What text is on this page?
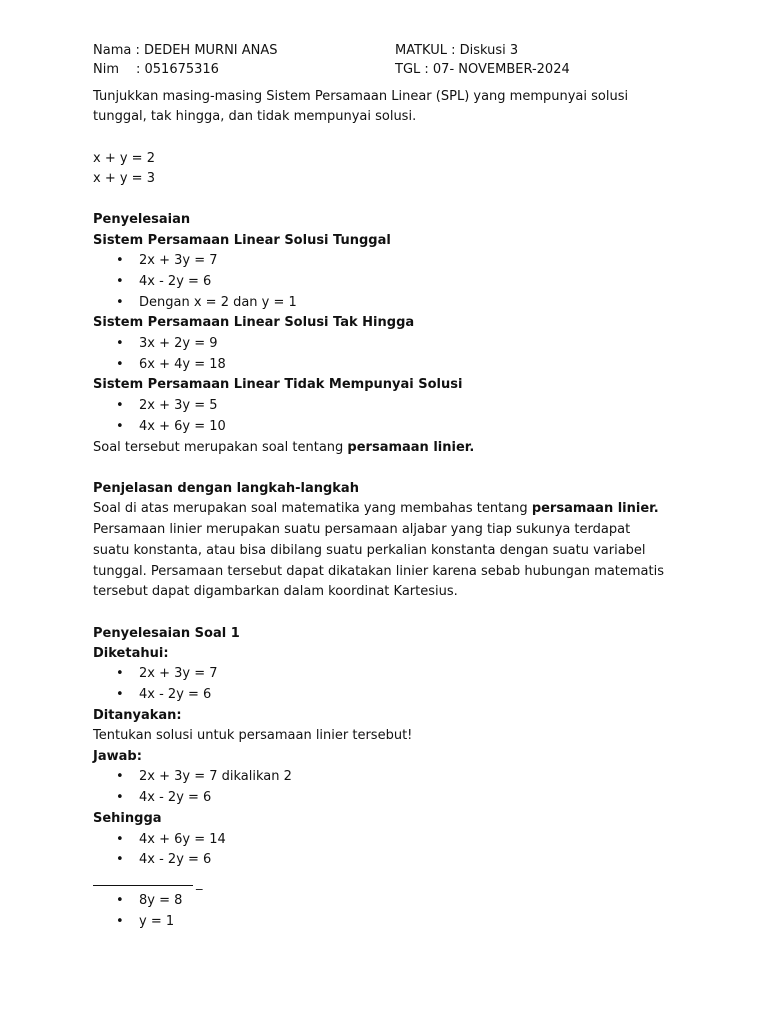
Nama : DEDEH MURNI ANAS
Nim : 051675316
MATKUL : Diskusi 3
TGL : 07- NOVEMBER-2024
Tunjukkan masing-masing Sistem Persamaan Linear (SPL) yang mempunyai solusi
tunggal, tak hingga, dan tidak mempunyai solusi.
x + y = 2
x + y = 3
Penyelesaian
Sistem Persamaan Linear Solusi Tunggal
• 2x + 3y = 7
• 4x - 2y = 6
• Dengan x = 2 dan y = 1
Sistem Persamaan Linear Solusi Tak Hingga
• 3x + 2y = 9
• 6x + 4y = 18
Sistem Persamaan Linear Tidak Mempunyai Solusi
• 2x + 3y = 5
• 4x + 6y = 10
Soal tersebut merupakan soal tentang persamaan linier.
Penjelasan dengan langkah-langkah
Soal di atas merupakan soal matematika yang membahas tentang persamaan linier.
Persamaan linier merupakan suatu persamaan aljabar yang tiap sukunya terdapat
suatu konstanta, atau bisa dibilang suatu perkalian konstanta dengan suatu variabel
tunggal. Persamaan tersebut dapat dikatakan linier karena sebab hubungan matematis
tersebut dapat digambarkan dalam koordinat Kartesius.
Penyelesaian Soal 1
Diketahui:
• 2x + 3y = 7
• 4x - 2y = 6
Ditanyakan:
Tentukan solusi untuk persamaan linier tersebut!
Jawab:
• 2x + 3y = 7 dikalikan 2
• 4x - 2y = 6
Sehingga
• 4x + 6y = 14
• 4x - 2y = 6
_
• 8y = 8
• y = 1
